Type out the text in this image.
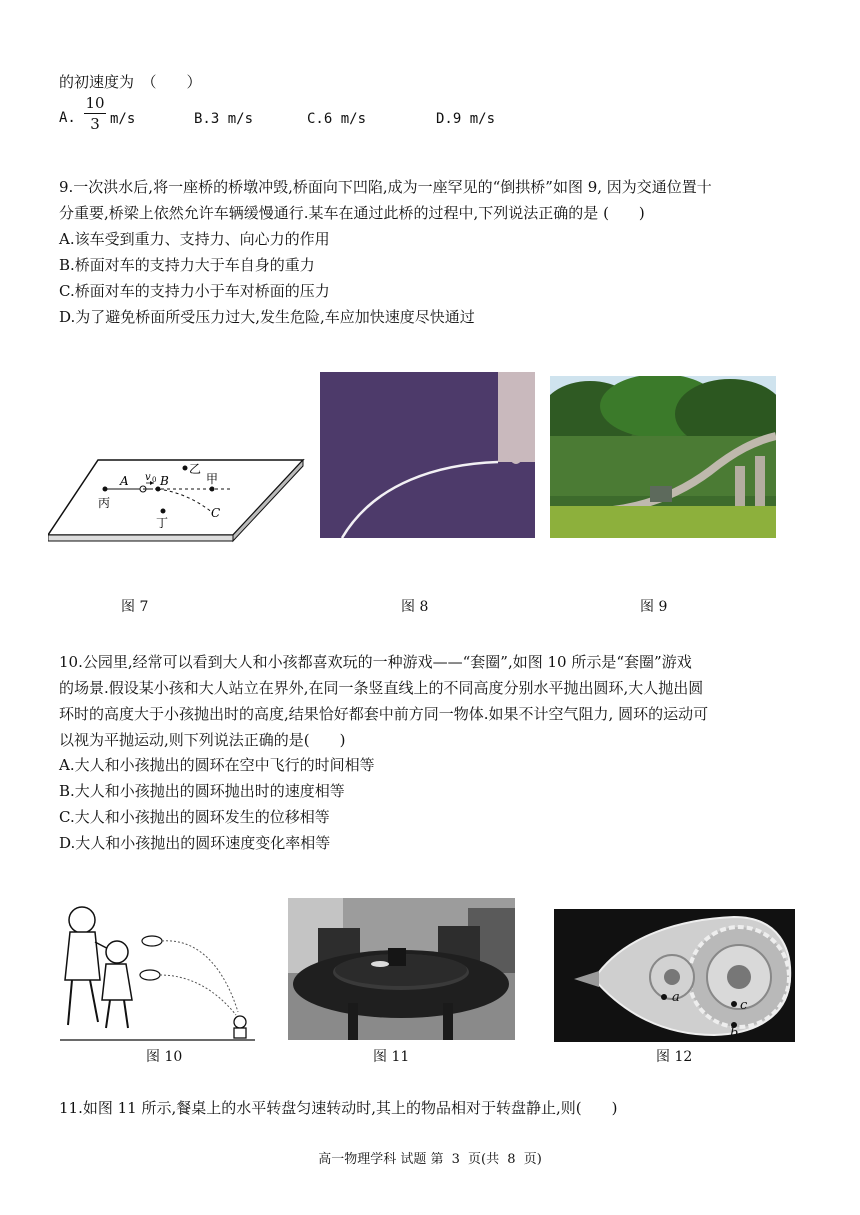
的初速度为　（　　）
A.
10
3 m/s	B.3 m/s	C.6 m/s	D.9 m/s
9.一次洪水后,将一座桥的桥墩冲毁,桥面向下凹陷,成为一座罕见的“倒拱桥”如图 9, 因为交通位置十
分重要,桥梁上依然允许车辆缓慢通行.某车在通过此桥的过程中,下列说法正确的是 (　　)
A.该车受到重力、支持力、向心力的作用
B.桥面对车的支持力大于车自身的重力
C.桥面对车的支持力小于车对桥面的压力
D.为了避免桥面所受压力过大,发生危险,车应加快速度尽快通过
A v 0 B
乙
甲
丙
丁
C
图 7	图 8	图 9
10.公园里,经常可以看到大人和小孩都喜欢玩的一种游戏——“套圈”,如图 10 所示是“套圈”游戏
的场景.假设某小孩和大人站立在界外,在同一条竖直线上的不同高度分别水平抛出圆环,大人抛出圆
环时的高度大于小孩抛出时的高度,结果恰好都套中前方同一物体.如果不计空气阻力, 圆环的运动可
以视为平抛运动,则下列说法正确的是(　　)
A.大人和小孩抛出的圆环在空中飞行的时间相等
B.大人和小孩抛出的圆环抛出时的速度相等
C.大人和小孩抛出的圆环发生的位移相等
D.大人和小孩抛出的圆环速度变化率相等
a
c
b
图 10	图 11	图 12
11.如图 11 所示,餐桌上的水平转盘匀速转动时,其上的物品相对于转盘静止,则(　　)
高一物理学科 试题 第 3 页(共 8 页)
